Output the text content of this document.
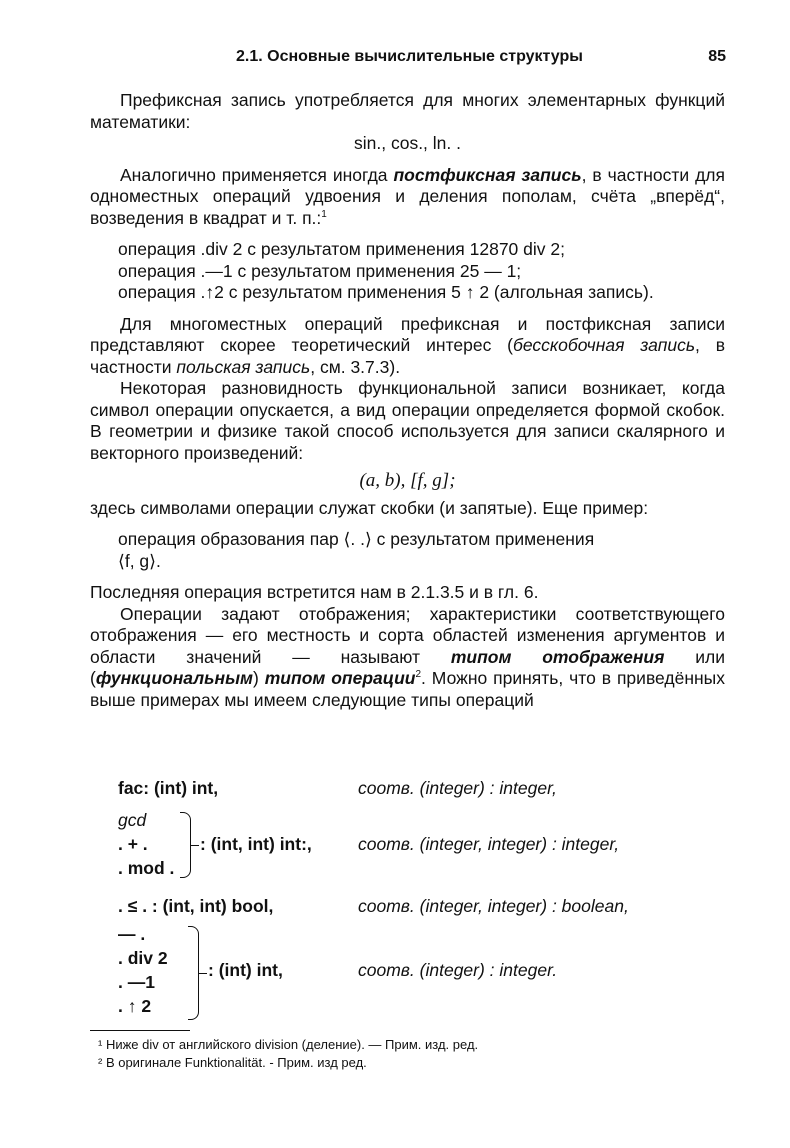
2.1. Основные вычислительные структуры	85

Префиксная запись употребляется для многих элементарных функций математики:

sin., cos., ln. .

Аналогично применяется иногда постфиксная запись, в частности для одноместных операций удвоения и деления пополам, счёта „вперёд“, возведения в квадрат и т. п.:$^1$

операция .div 2 с результатом применения 12870 div 2;

операция .—1 с результатом применения 25 — 1;

операция .↑2 с результатом применения 5 ↑ 2 (алгольная запись).

Для многоместных операций префиксная и постфиксная записи представляют скорее теоретический интерес (бесскобочная запись, в частности польская запись, см. 3.7.3).

Некоторая разновидность функциональной записи возникает, когда символ операции опускается, а вид операции определяется формой скобок. В геометрии и физике такой способ используется для записи скалярного и векторного произведений:

(a, b), [f, g];

здесь символами операции служат скобки (и запятые). Еще пример:

операция образования пар ⟨. .⟩ с результатом применения

⟨f, g⟩.

Последняя операция встретится нам в 2.1.3.5 и в гл. 6.

Операции задают отображения; характеристики соответствующего отображения — его местность и сорта областей изменения аргументов и области значений — называют типом отображения или (функциональным) типом операции$^2$. Можно принять, что в приведённых выше примерах мы имеем следующие типы операций

fac: (int) int,	соотв. (integer) : integer,
gcd
. + .
. mod .
: (int, int) int:,	соотв. (integer, integer) : integer,
. ≤ . : (int, int) bool,	соотв. (integer, integer) : boolean,
— .
. div 2
. —1
. ↑ 2
: (int) int,	соотв. (integer) : integer.
¹ Ниже div от английского division (деление). — Прим. изд. ред.
² В оригинале Funktionalität. - Прим. изд ред.
